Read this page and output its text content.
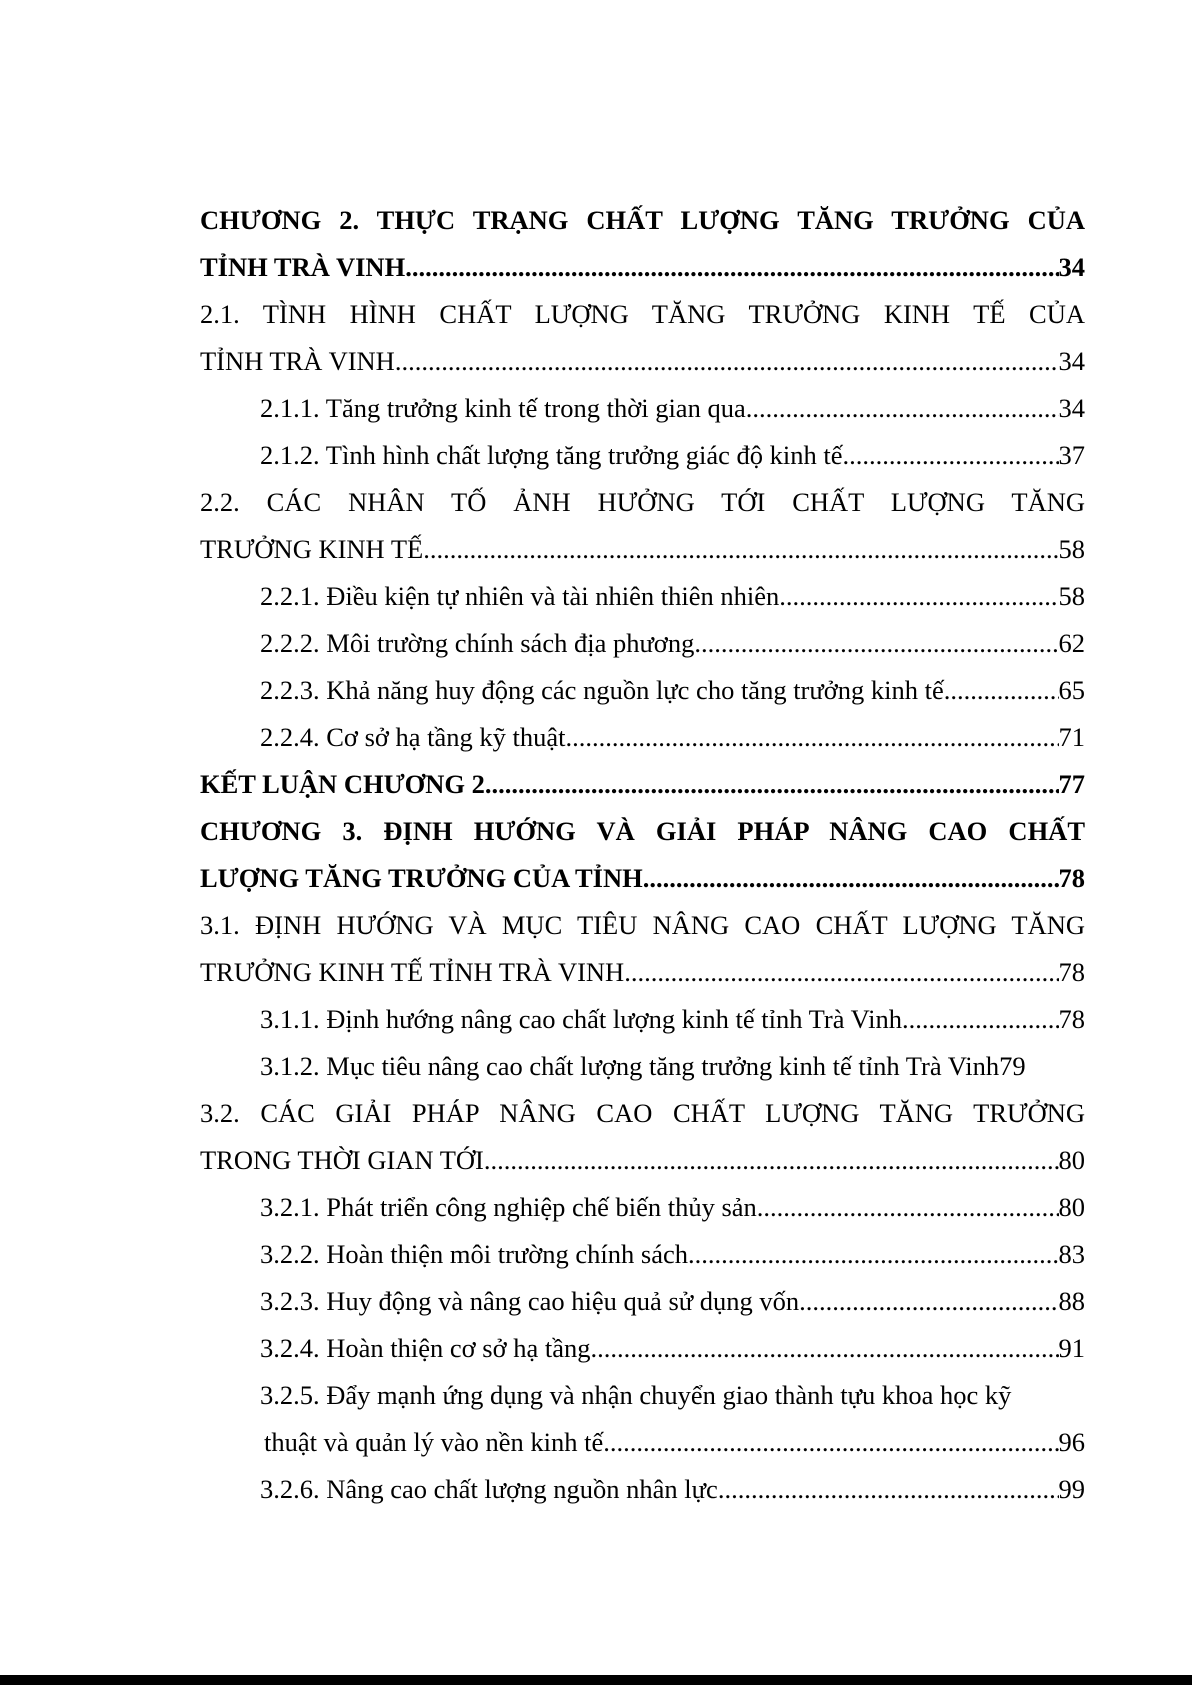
CHƯƠNG 2. THỰC TRẠNG CHẤT LƯỢNG TĂNG TRƯỞNG CỦA
TỈNH TRÀ VINH .....	34
2.1. TÌNH HÌNH CHẤT LƯỢNG TĂNG TRƯỞNG KINH TẾ CỦA
TỈNH TRÀ VINH .....	34
2.1.1. Tăng trưởng kinh tế trong thời gian qua .....	34
2.1.2. Tình hình chất lượng tăng trưởng giác độ kinh tế .....	37
2.2. CÁC NHÂN TỐ ẢNH HƯỞNG TỚI CHẤT LƯỢNG TĂNG
TRƯỞNG KINH TẾ .....	58
2.2.1. Điều kiện tự nhiên và tài nhiên thiên nhiên .....	58
2.2.2. Môi trường chính sách địa phương .....	62
2.2.3. Khả năng huy động các nguồn lực cho tăng trưởng kinh tế .....	65
2.2.4. Cơ sở hạ tầng kỹ thuật .....	71
KẾT LUẬN CHƯƠNG 2 .....	77
CHƯƠNG 3. ĐỊNH HƯỚNG VÀ GIẢI PHÁP NÂNG CAO CHẤT
LƯỢNG TĂNG TRƯỞNG CỦA TỈNH .....	78
3.1. ĐỊNH HƯỚNG VÀ MỤC TIÊU NÂNG CAO CHẤT LƯỢNG TĂNG
TRƯỞNG KINH TẾ TỈNH TRÀ VINH .....	78
3.1.1. Định hướng nâng cao chất lượng kinh tế tỉnh Trà Vinh .....	78
3.1.2. Mục tiêu nâng cao chất lượng tăng trưởng kinh tế tỉnh Trà Vinh 79
3.2. CÁC GIẢI PHÁP NÂNG CAO CHẤT LƯỢNG TĂNG TRƯỞNG
TRONG THỜI GIAN TỚI .....	80
3.2.1. Phát triển công nghiệp chế biến thủy sản .....	80
3.2.2. Hoàn thiện môi trường chính sách .....	83
3.2.3. Huy động và nâng cao hiệu quả sử dụng vốn .....	88
3.2.4. Hoàn thiện cơ sở hạ tầng .....	91
3.2.5. Đẩy mạnh ứng dụng và nhận chuyển giao thành tựu khoa học kỹ
thuật và quản lý vào nền kinh tế .....	96
3.2.6. Nâng cao chất lượng nguồn nhân lực .....	99
